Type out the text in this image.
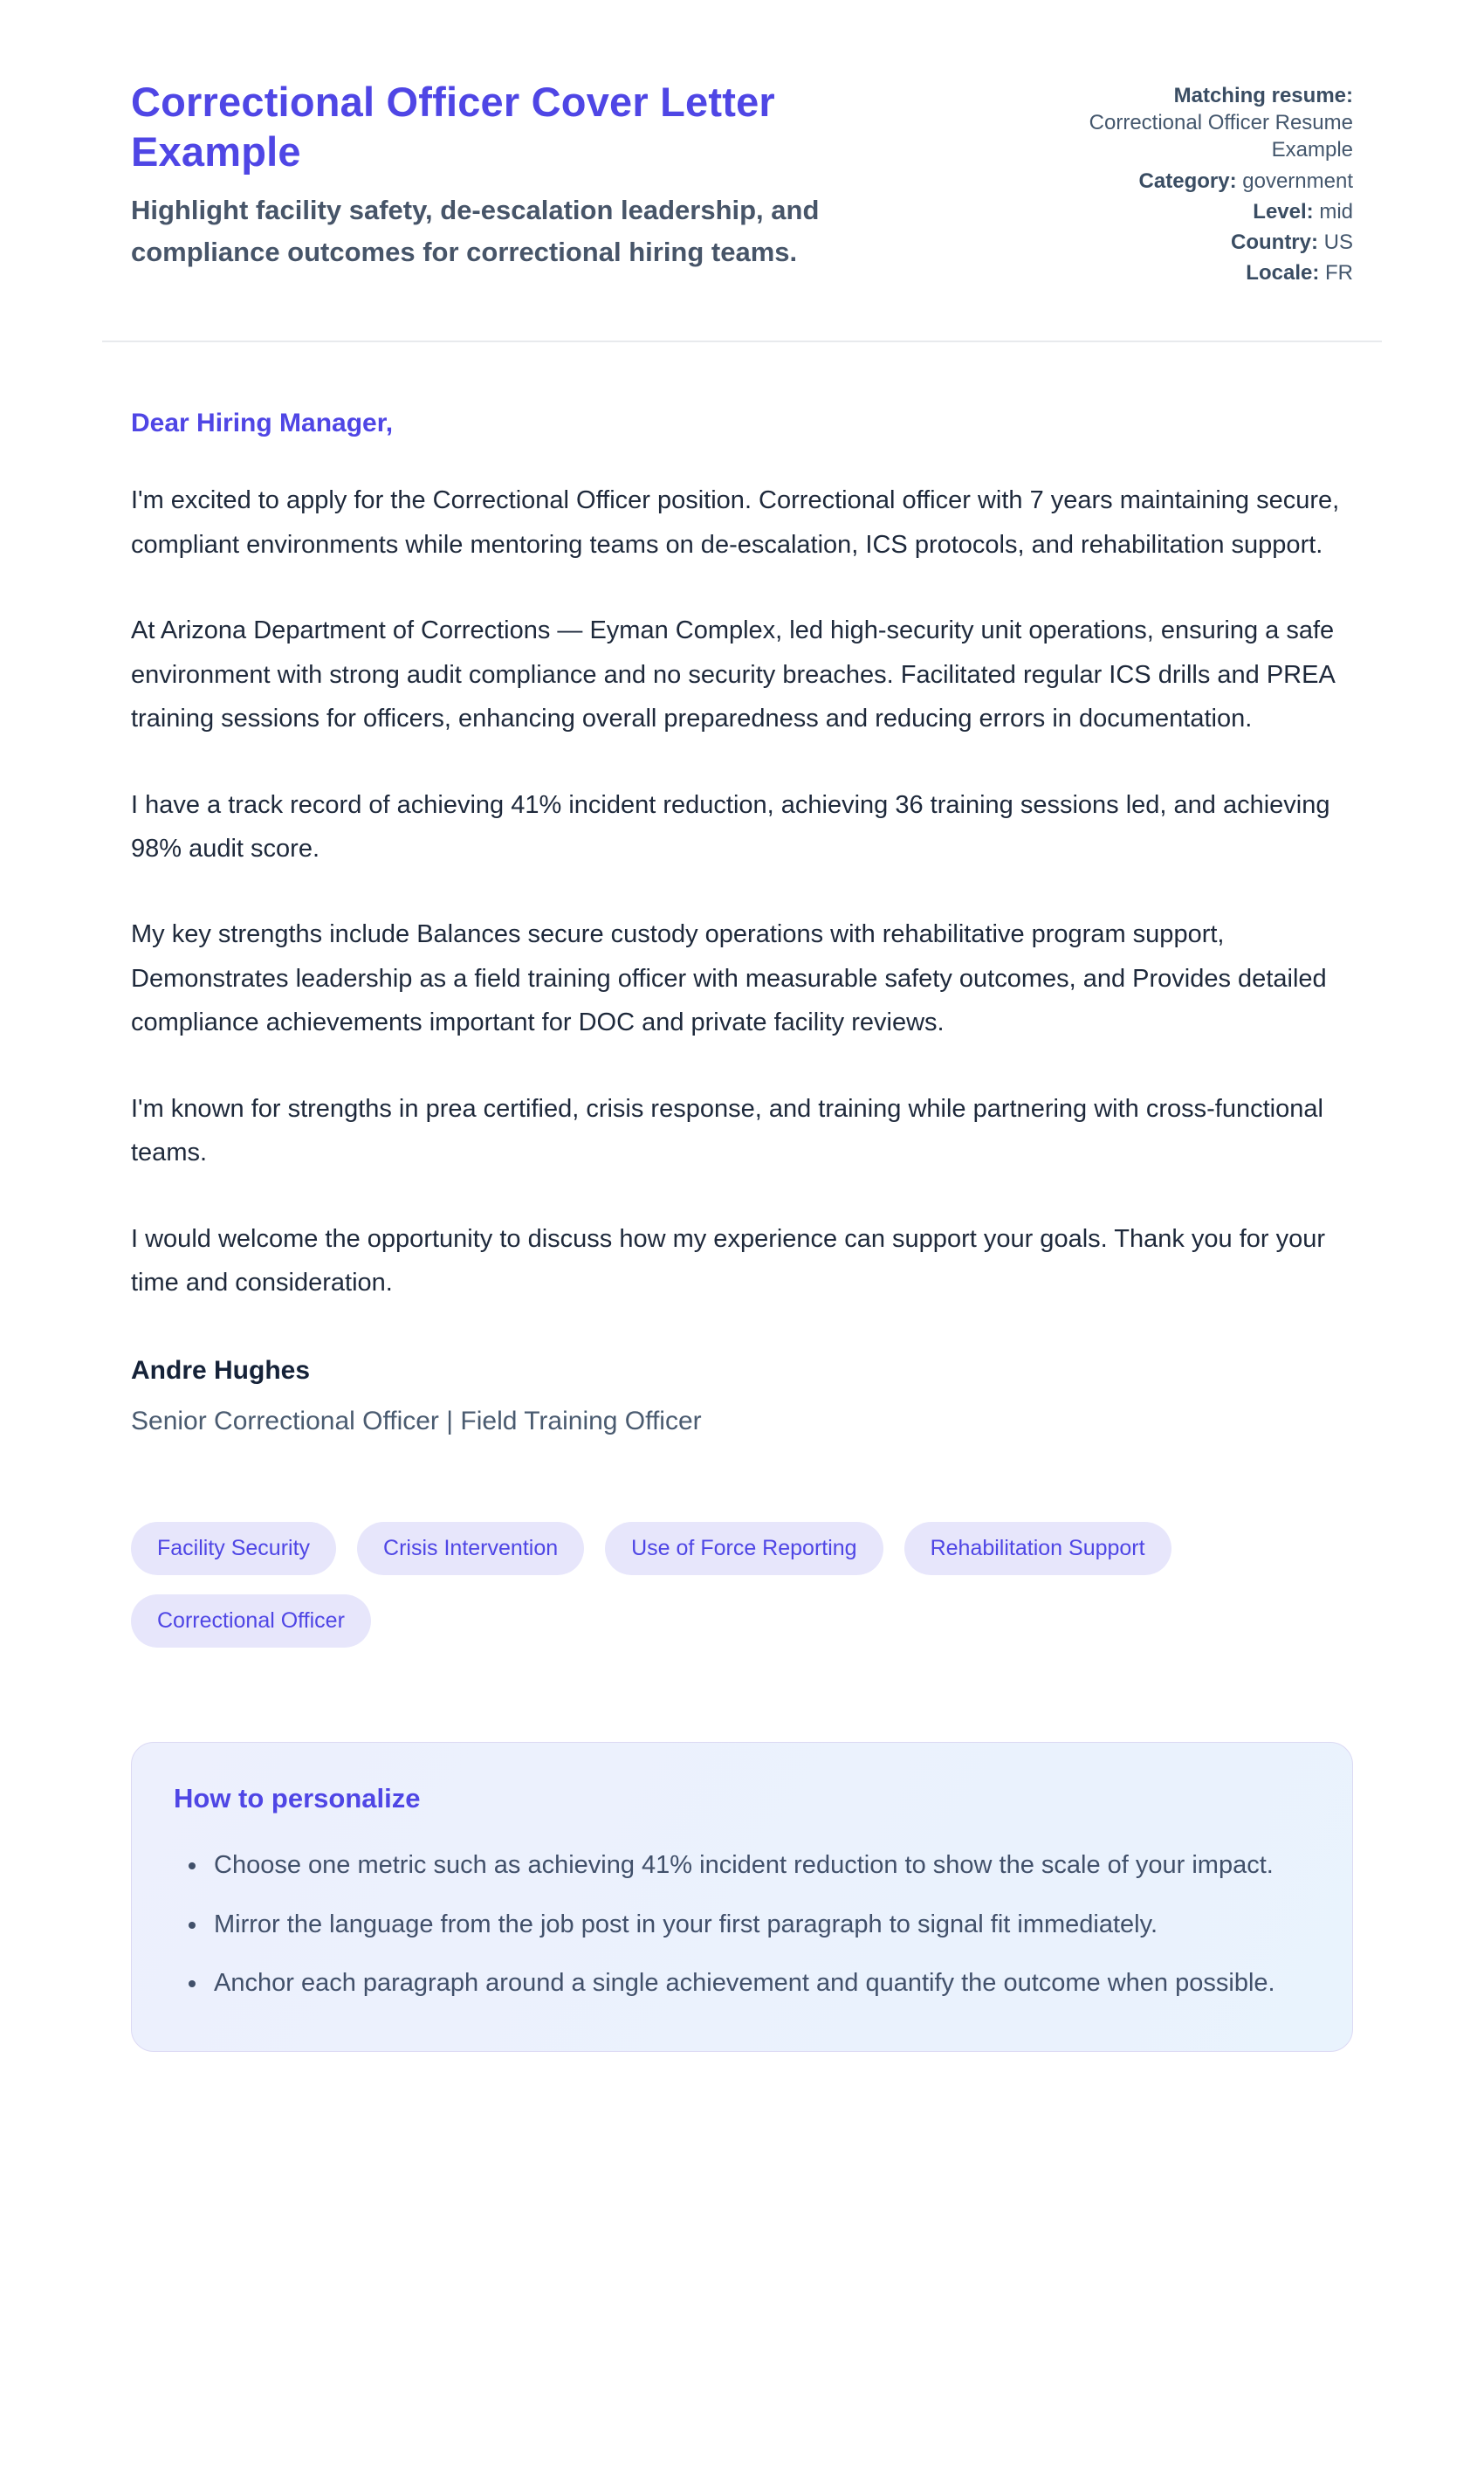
Correctional Officer Cover Letter Example
Highlight facility safety, de-escalation leadership, and compliance outcomes for correctional hiring teams.
Matching resume: Correctional Officer Resume Example
Category: government
Level: mid
Country: US
Locale: FR
Dear Hiring Manager,

I'm excited to apply for the Correctional Officer position. Correctional officer with 7 years maintaining secure, compliant environments while mentoring teams on de-escalation, ICS protocols, and rehabilitation support.

At Arizona Department of Corrections — Eyman Complex, led high-security unit operations, ensuring a safe environment with strong audit compliance and no security breaches. Facilitated regular ICS drills and PREA training sessions for officers, enhancing overall preparedness and reducing errors in documentation.

I have a track record of achieving 41% incident reduction, achieving 36 training sessions led, and achieving 98% audit score.

My key strengths include Balances secure custody operations with rehabilitative program support, Demonstrates leadership as a field training officer with measurable safety outcomes, and Provides detailed compliance achievements important for DOC and private facility reviews.

I'm known for strengths in prea certified, crisis response, and training while partnering with cross-functional teams.

I would welcome the opportunity to discuss how my experience can support your goals. Thank you for your time and consideration.

Andre Hughes
Senior Correctional Officer | Field Training Officer
Facility Security	Crisis Intervention	Use of Force Reporting	Rehabilitation Support
Correctional Officer
How to personalize
• Choose one metric such as achieving 41% incident reduction to show the scale of your impact.
• Mirror the language from the job post in your first paragraph to signal fit immediately.
• Anchor each paragraph around a single achievement and quantify the outcome when possible.
